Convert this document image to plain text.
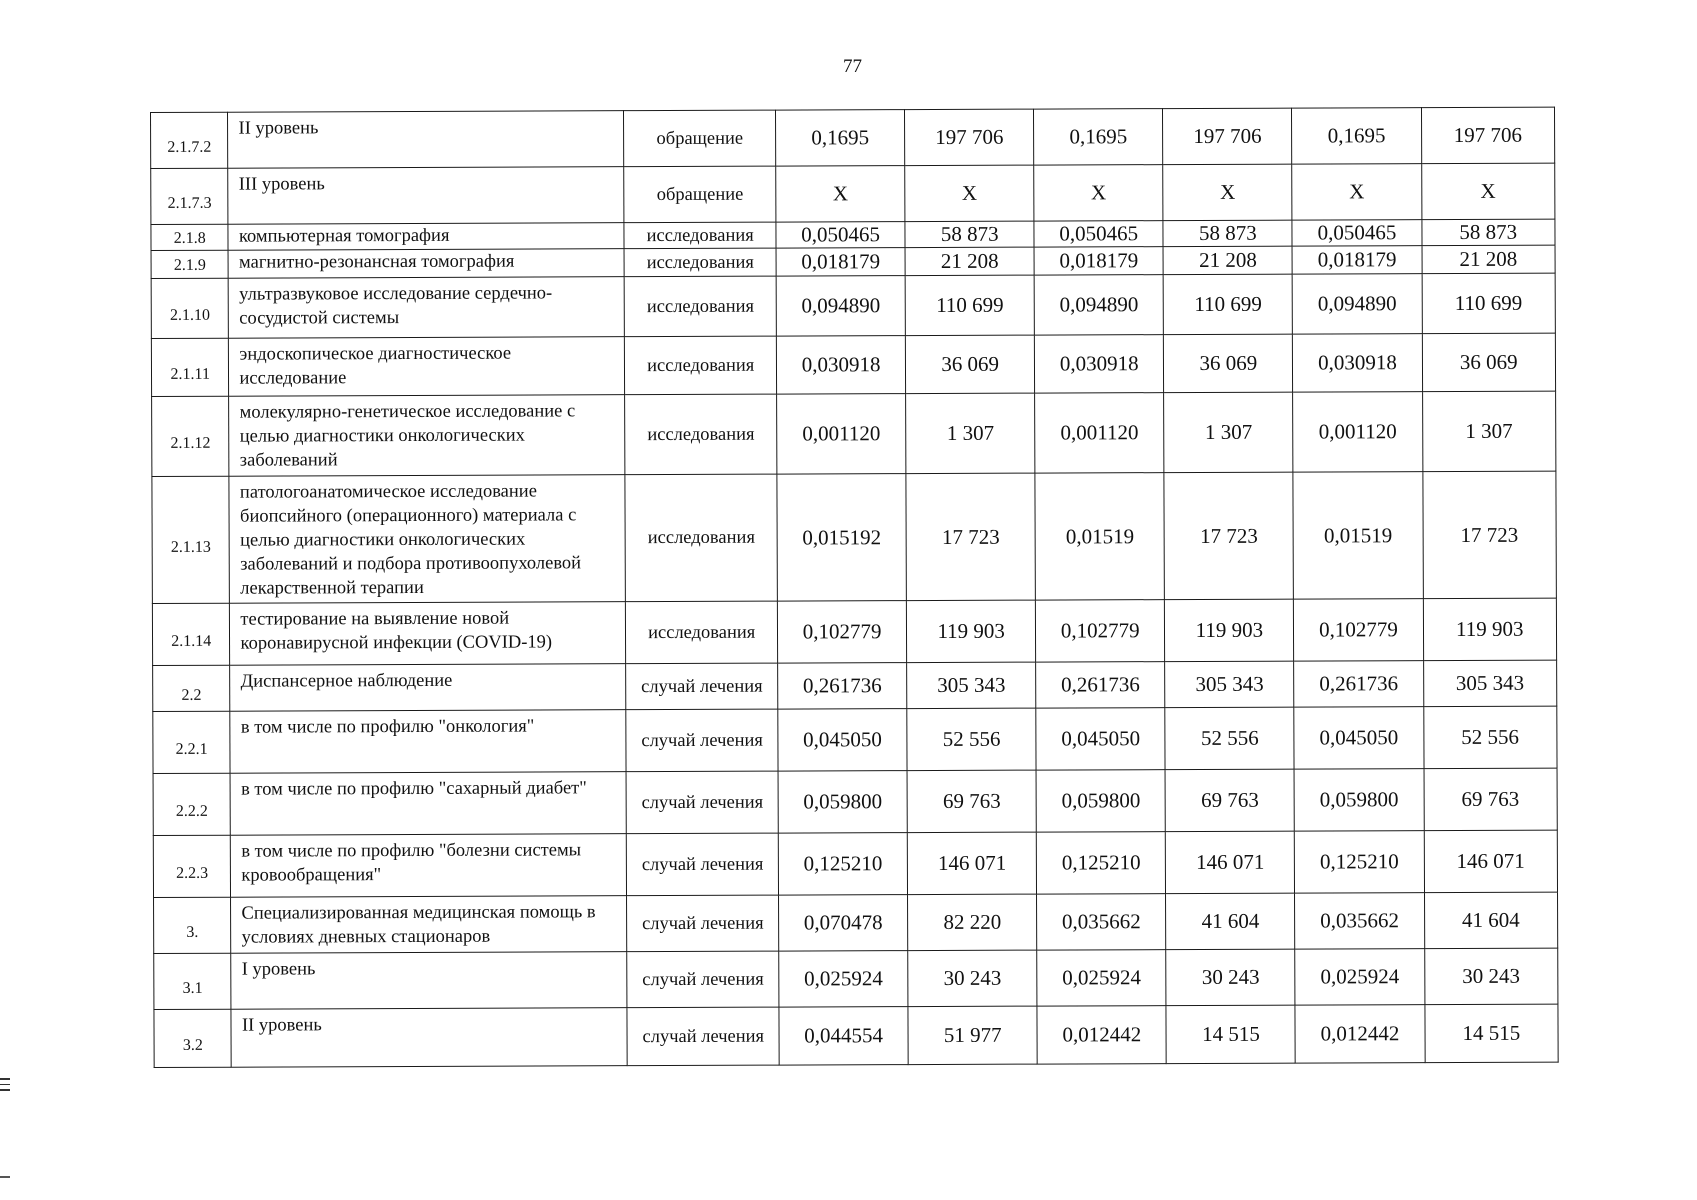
77
2.1.7.2	II уровень	обращение	0,1695	197 706	0,1695	197 706	0,1695	197 706
2.1.7.3	III уровень	обращение	Х	Х	Х	Х	Х	Х
2.1.8	компьютерная томография	исследования	0,050465	58 873	0,050465	58 873	0,050465	58 873
2.1.9	магнитно-резонансная томография	исследования	0,018179	21 208	0,018179	21 208	0,018179	21 208
2.1.10	ультразвуковое исследование сердечно-сосудистой системы	исследования	0,094890	110 699	0,094890	110 699	0,094890	110 699
2.1.11	эндоскопическое диагностическое исследование	исследования	0,030918	36 069	0,030918	36 069	0,030918	36 069
2.1.12	молекулярно-генетическое исследование с целью диагностики онкологических заболеваний	исследования	0,001120	1 307	0,001120	1 307	0,001120	1 307
2.1.13	патологоанатомическое исследование биопсийного (операционного) материала с целью диагностики онкологических заболеваний и подбора противоопухолевой лекарственной терапии	исследования	0,015192	17 723	0,01519	17 723	0,01519	17 723
2.1.14	тестирование на выявление новой коронавирусной инфекции (COVID-19)	исследования	0,102779	119 903	0,102779	119 903	0,102779	119 903
2.2	Диспансерное наблюдение	случай лечения	0,261736	305 343	0,261736	305 343	0,261736	305 343
2.2.1	в том числе по профилю "онкология"	случай лечения	0,045050	52 556	0,045050	52 556	0,045050	52 556
2.2.2	в том числе по профилю "сахарный диабет"	случай лечения	0,059800	69 763	0,059800	69 763	0,059800	69 763
2.2.3	в том числе по профилю "болезни системы кровообращения"	случай лечения	0,125210	146 071	0,125210	146 071	0,125210	146 071
3.	Специализированная медицинская помощь в условиях дневных стационаров	случай лечения	0,070478	82 220	0,035662	41 604	0,035662	41 604
3.1	I уровень	случай лечения	0,025924	30 243	0,025924	30 243	0,025924	30 243
3.2	II уровень	случай лечения	0,044554	51 977	0,012442	14 515	0,012442	14 515
